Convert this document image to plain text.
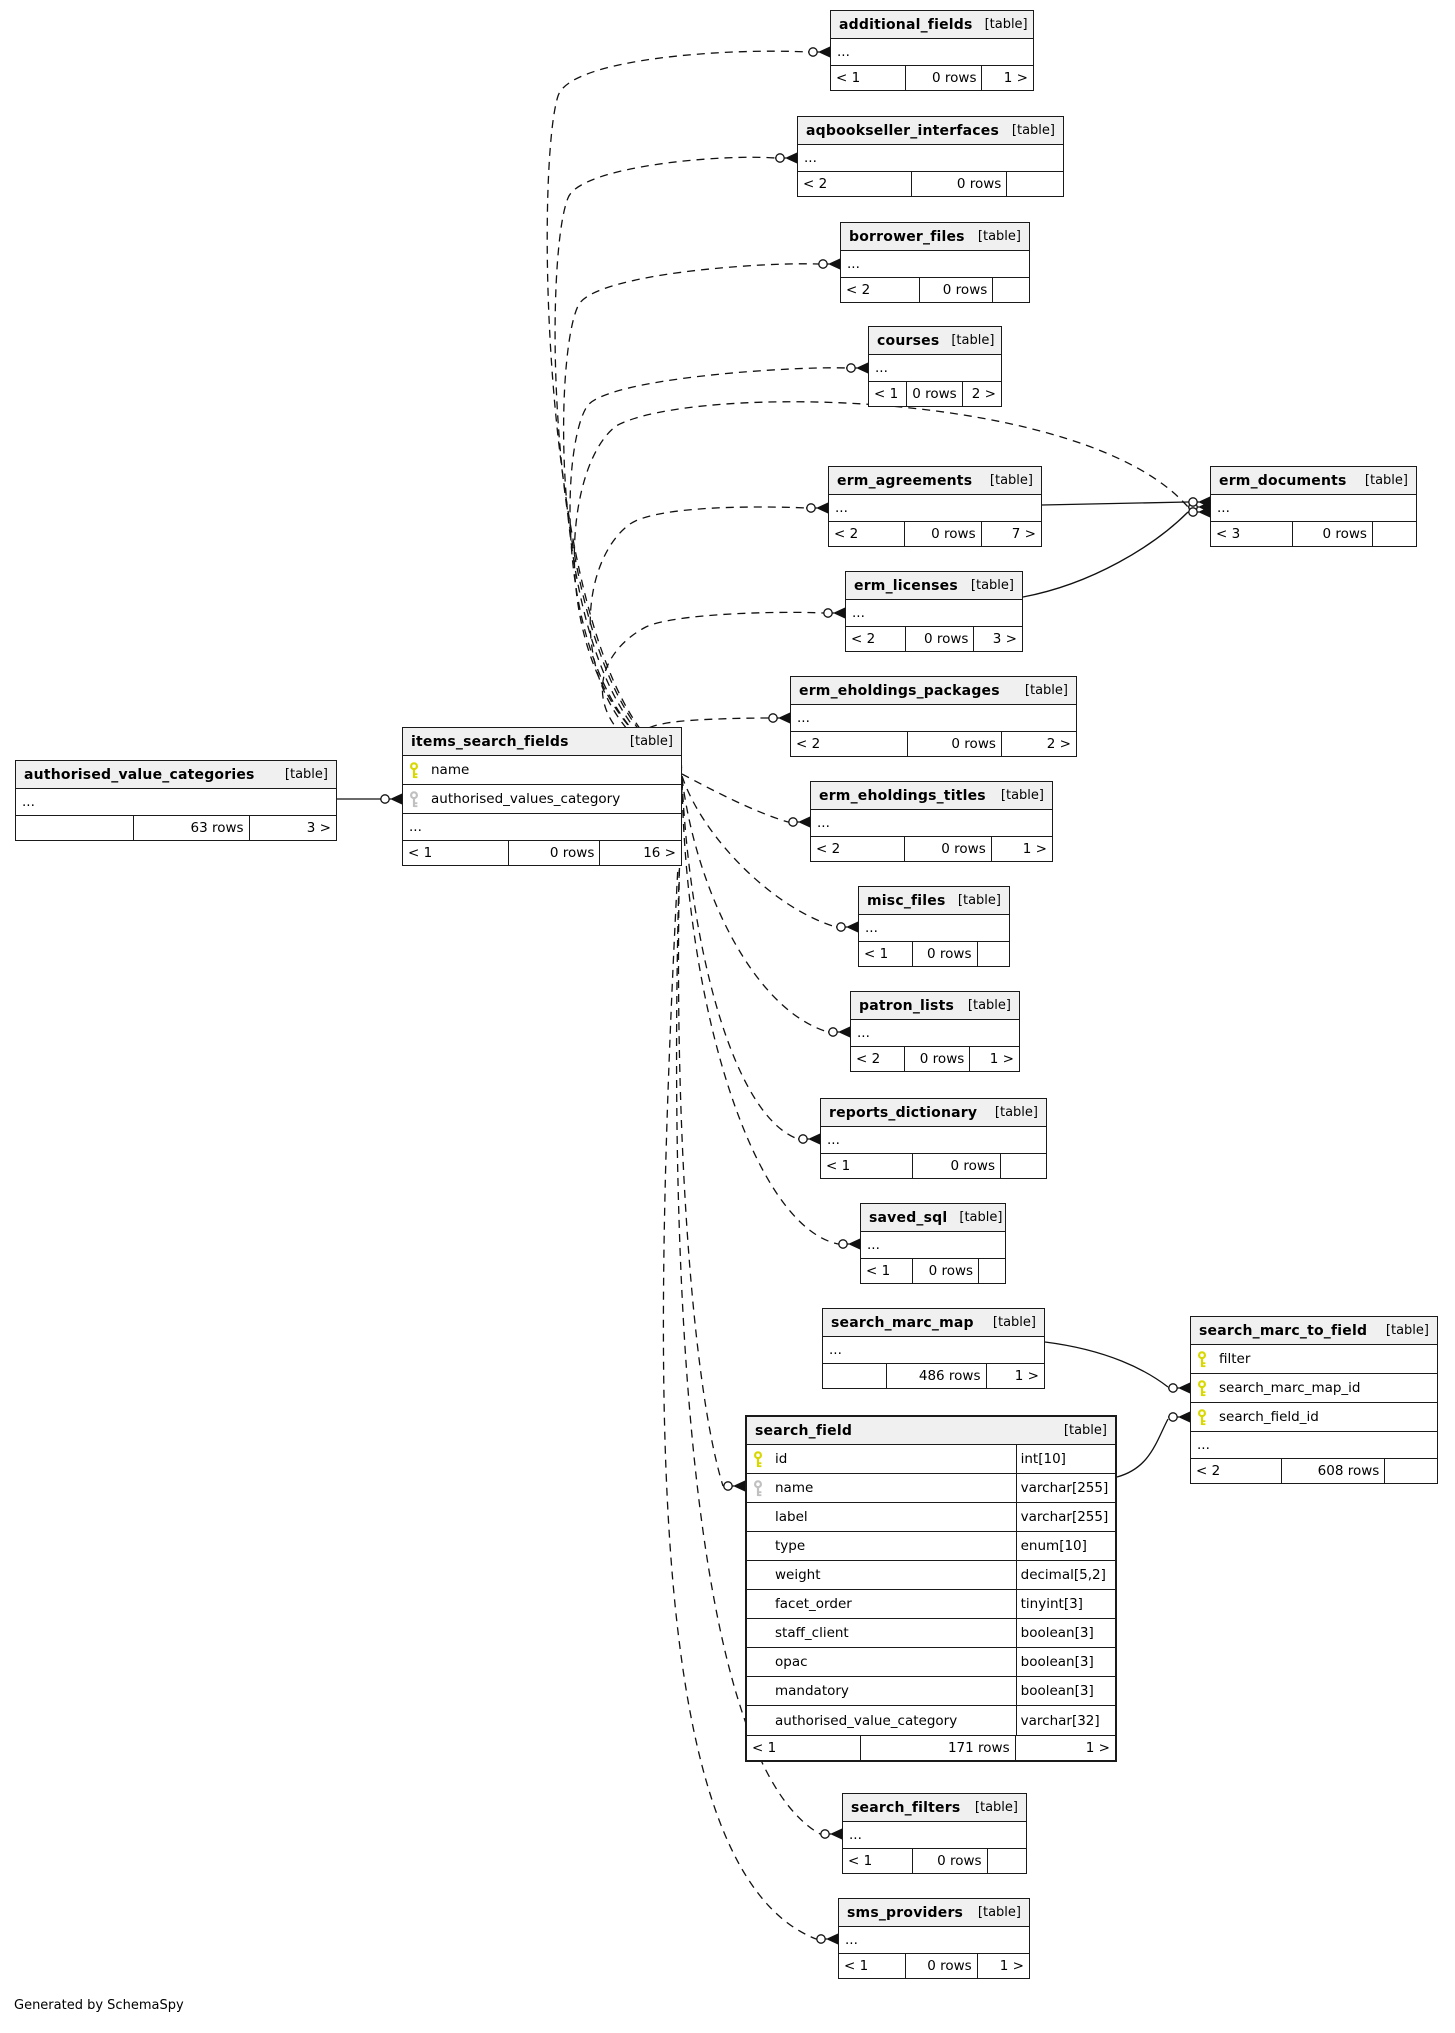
additional_fields [table]
...
< 1	0 rows	1 >
aqbookseller_interfaces [table]
...
< 2	0 rows
borrower_files	[table]
...
< 2	0 rows
courses [table]
...
< 1	0 rows	2 >
erm_agreements	[table]
...
< 2	0 rows	7 >
erm_documents	[table]
...
< 3	0 rows
erm_licenses	[table]
...
< 2	0 rows	3 >
erm_eholdings_packages	[table]
...
< 2	0 rows	2 >
erm_eholdings_titles	[table]
...
< 2	0 rows	1 >
misc_files [table]
...
< 1	0 rows
patron_lists	[table]
...
< 2	0 rows	1 >
reports_dictionary	[table]
...
< 1	0 rows
saved_sql [table]
...
< 1	0 rows
search_marc_map	[table]
...
486 rows	1 >
search_marc_to_field	[table]
filter
search_marc_map_id
search_field_id
...
< 2	608 rows
search_field	[table]
id	int[10]
name	varchar[255]
label	varchar[255]
type	enum[10]
weight	decimal[5,2]
facet_order	tinyint[3]
staff_client	boolean[3]
opac	boolean[3]
mandatory	boolean[3]
authorised_value_category	varchar[32]
< 1	171 rows	1 >
search_filters	[table]
...
< 1	0 rows
sms_providers	[table]
...
< 1	0 rows	1 >
items_search_fields	[table]
name
authorised_values_category
...
< 1	0 rows	16 >
authorised_value_categories	[table]
...
63 rows	3 >
Generated by SchemaSpy
